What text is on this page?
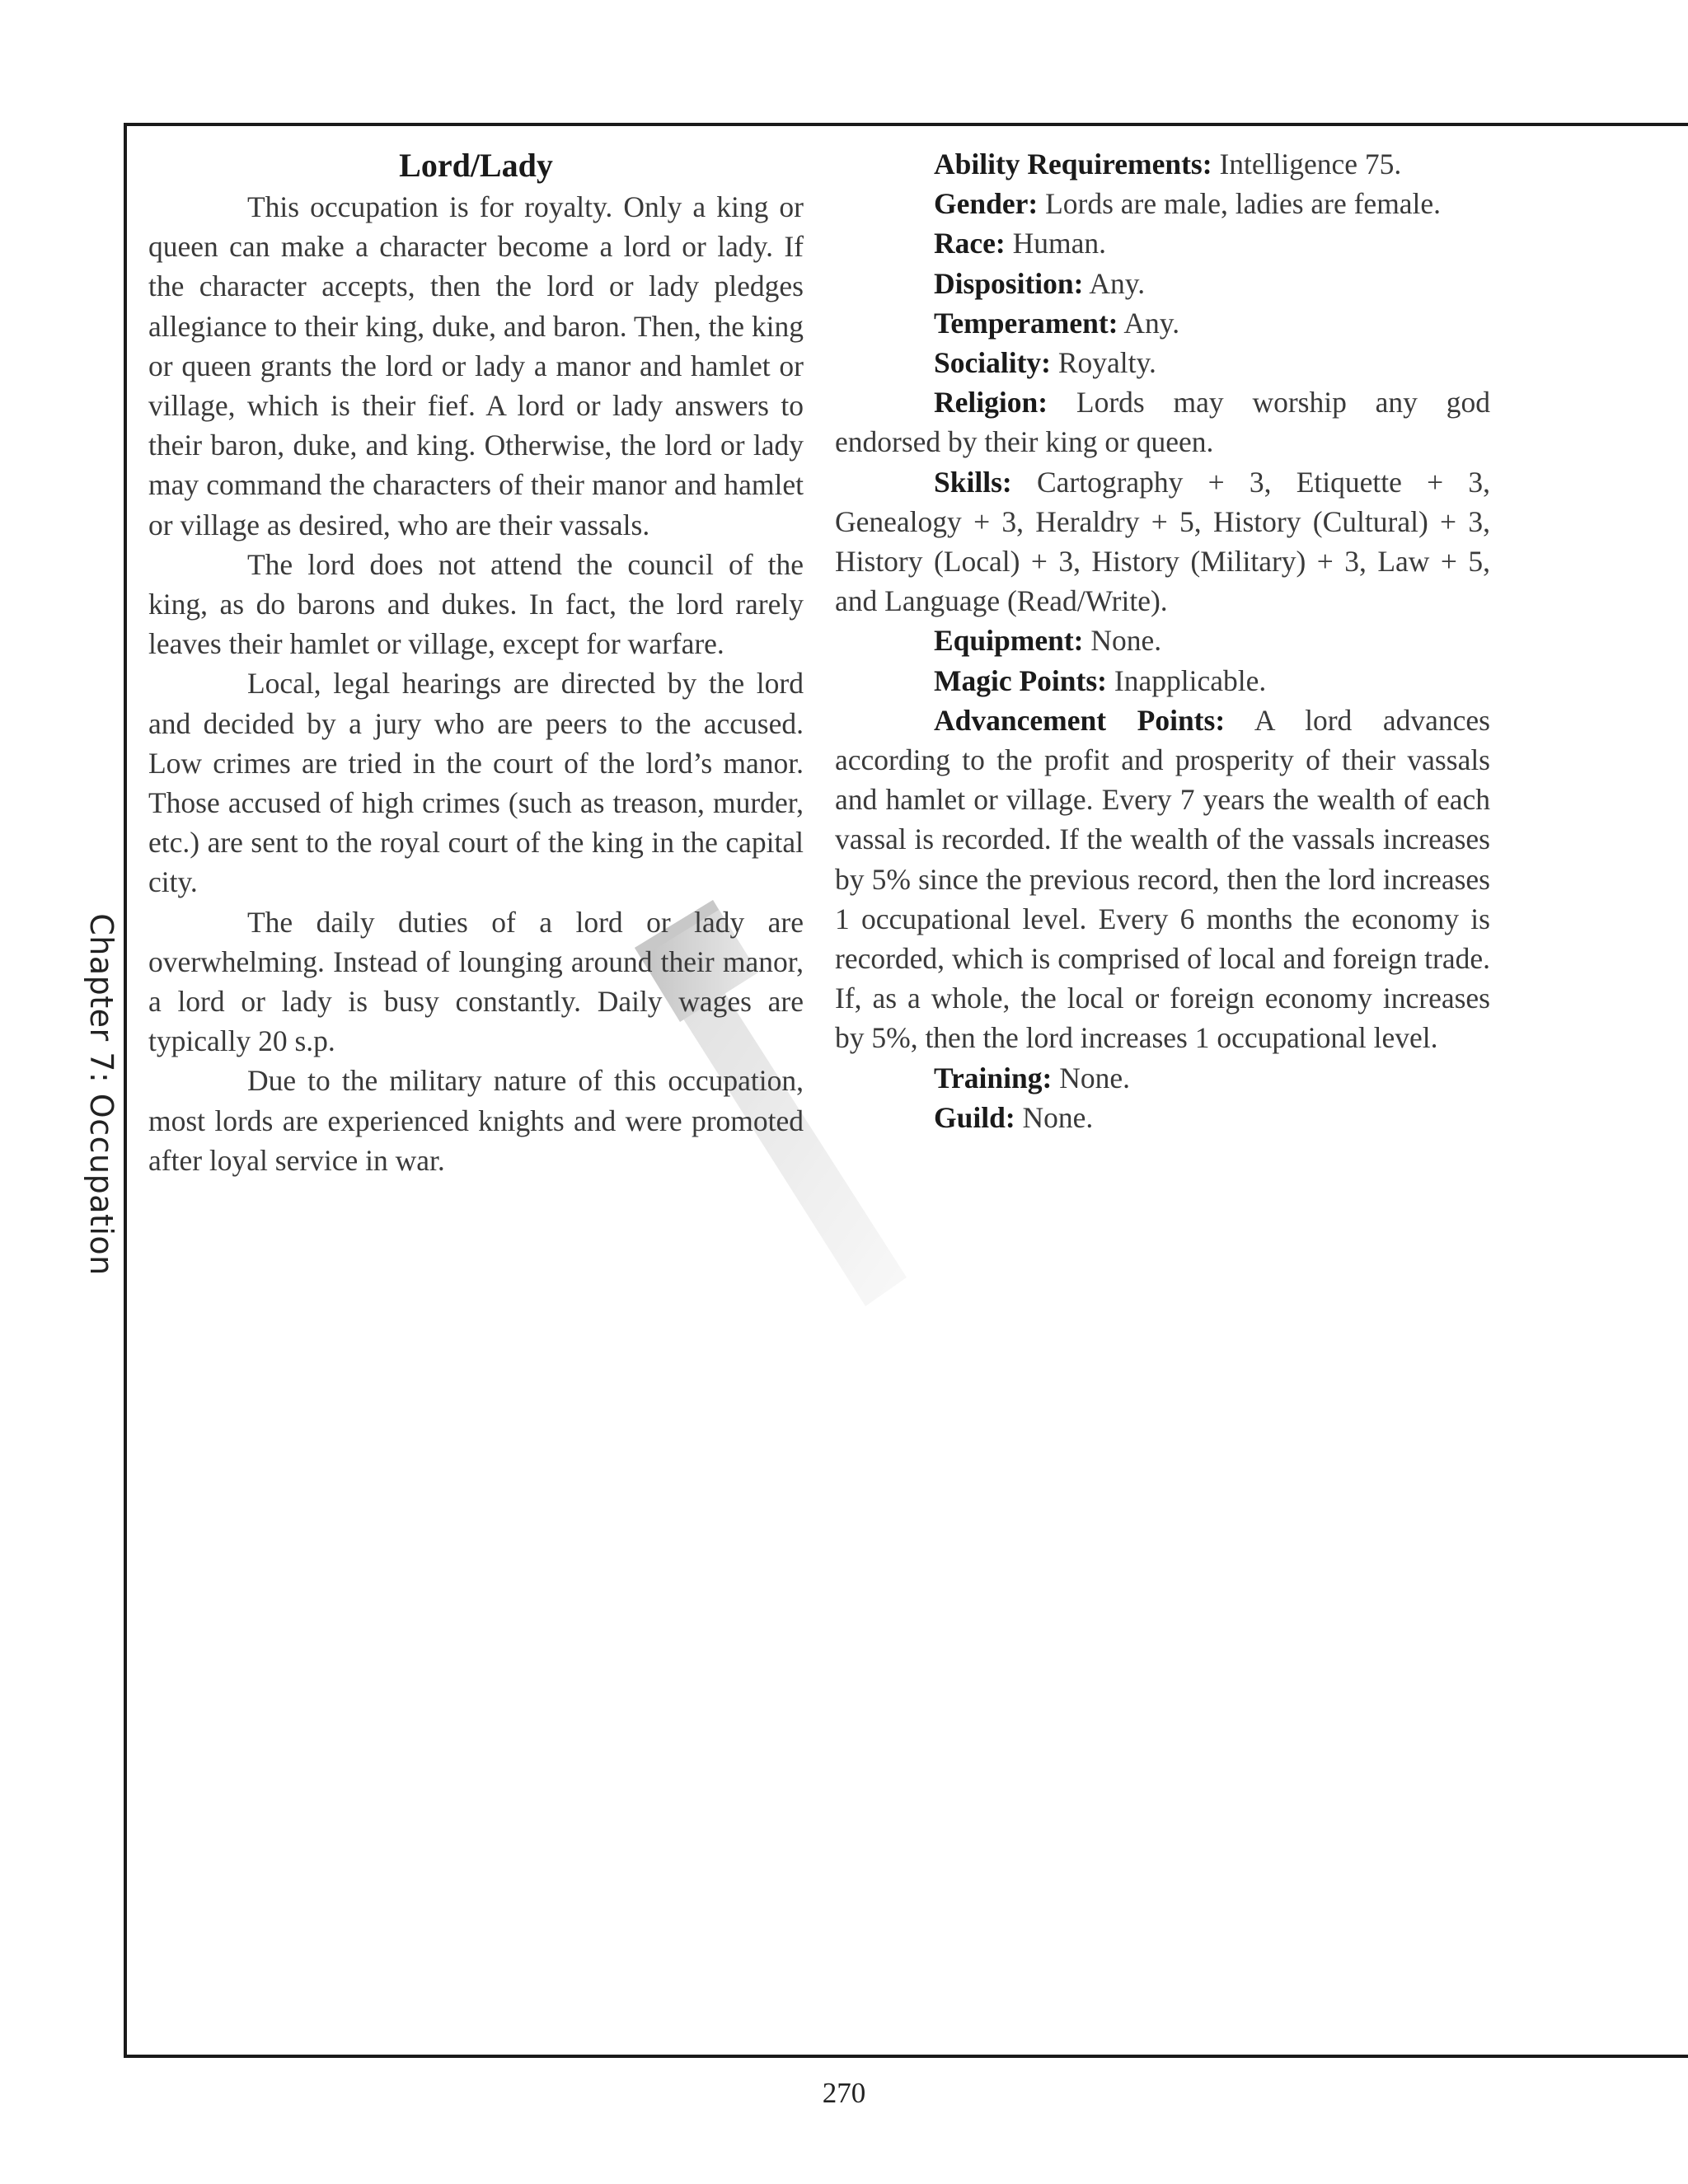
Chapter 7: Occupation
Lord/Lady

This occupation is for royalty. Only a king or queen can make a character become a lord or lady. If the character accepts, then the lord or lady pledges allegiance to their king, duke, and baron. Then, the king or queen grants the lord or lady a manor and hamlet or village, which is their fief. A lord or lady answers to their baron, duke, and king. Otherwise, the lord or lady may command the characters of their manor and hamlet or village as desired, who are their vassals.

The lord does not attend the council of the king, as do barons and dukes. In fact, the lord rarely leaves their hamlet or village, except for warfare.

Local, legal hearings are directed by the lord and decided by a jury who are peers to the accused. Low crimes are tried in the court of the lord’s manor. Those accused of high crimes (such as treason, murder, etc.) are sent to the royal court of the king in the capital city.

The daily duties of a lord or lady are overwhelming. Instead of lounging around their manor, a lord or lady is busy constantly. Daily wages are typically 20 s.p.

Due to the military nature of this occupation, most lords are experienced knights and were promoted after loyal service in war.

Ability Requirements: Intelligence 75.

Gender: Lords are male, ladies are female.

Race: Human.

Disposition: Any.

Temperament: Any.

Sociality: Royalty.

Religion: Lords may worship any god endorsed by their king or queen.

Skills: Cartography + 3, Etiquette + 3, Genealogy + 3, Heraldry + 5, History (Cultural) + 3, History (Local) + 3, History (Military) + 3, Law + 5, and Language (Read/Write).

Equipment: None.

Magic Points: Inapplicable.

Advancement Points: A lord advances according to the profit and prosperity of their vassals and hamlet or village. Every 7 years the wealth of each vassal is recorded. If the wealth of the vassals increases by 5% since the previous record, then the lord increases 1 occupational level. Every 6 months the economy is recorded, which is comprised of local and foreign trade. If, as a whole, the local or foreign economy increases by 5%, then the lord increases 1 occupational level.

Training: None.

Guild: None.

270
